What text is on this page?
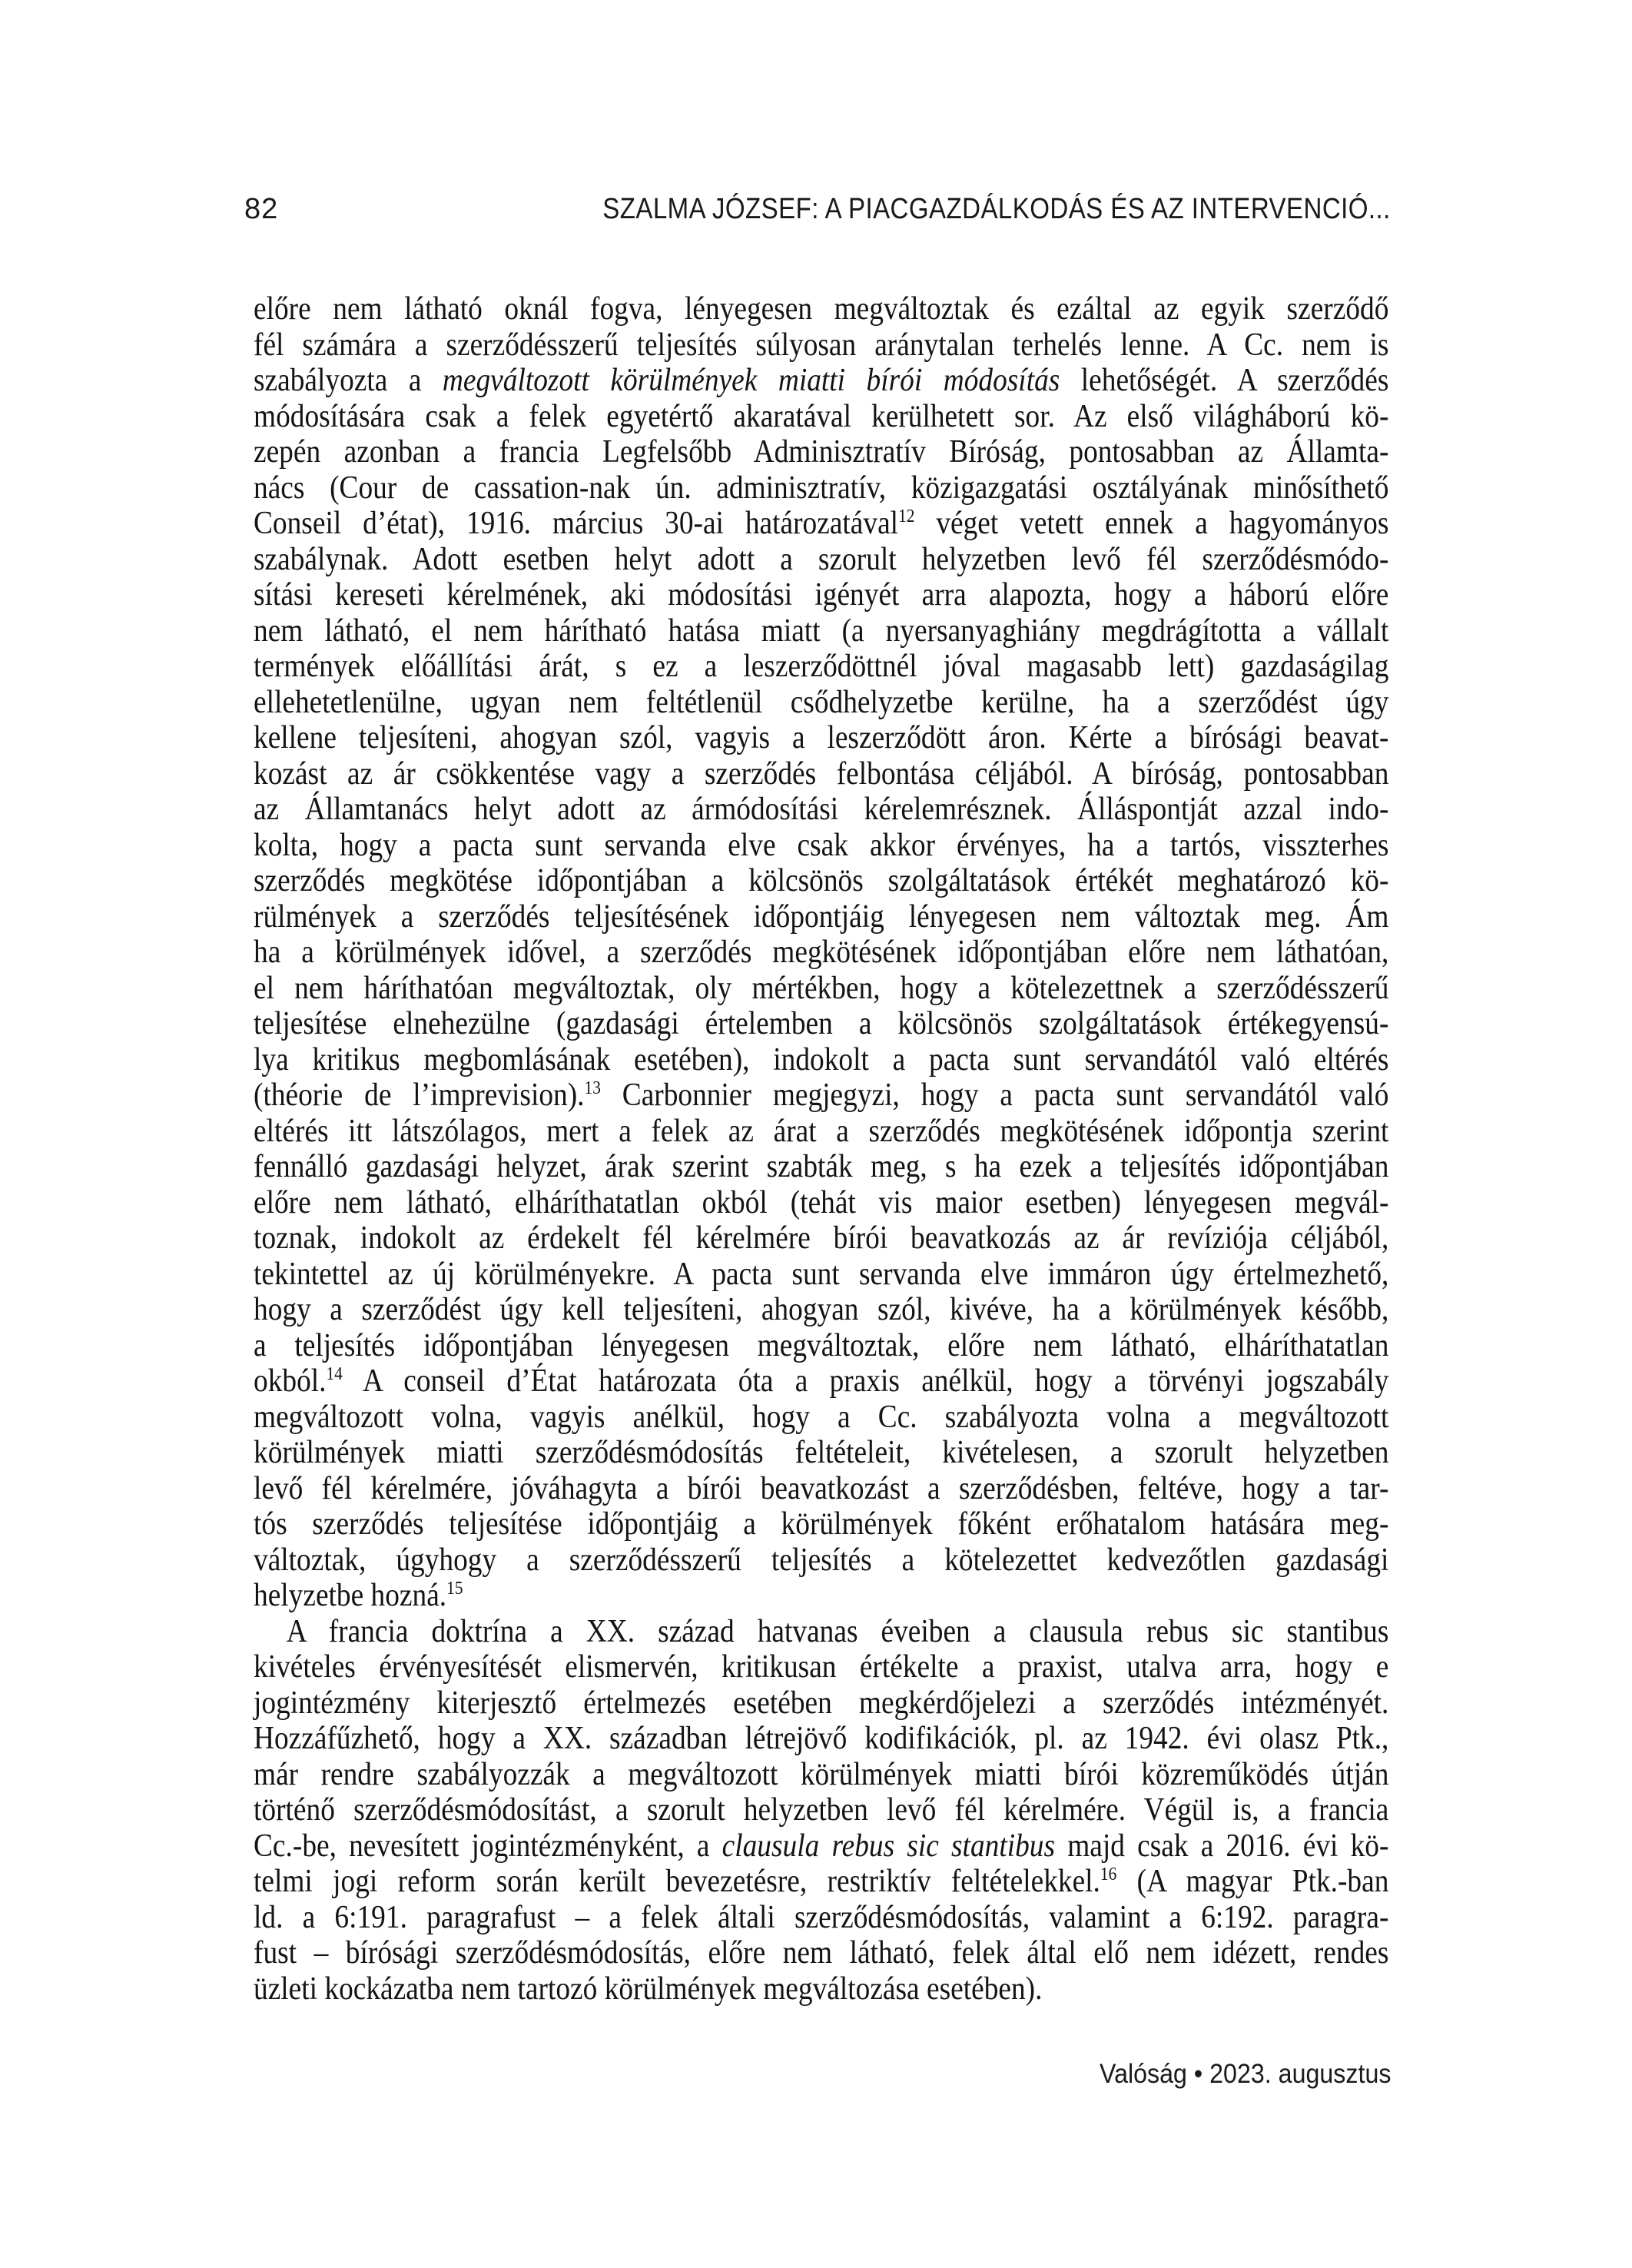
82	SZALMA JÓZSEF: A PIACGAZDÁLKODÁS ÉS AZ INTERVENCIÓ...
előre nem látható oknál fogva, lényegesen megváltoztak és ezáltal az egyik szerződő
fél számára a szerződésszerű teljesítés súlyosan aránytalan terhelés lenne. A Cc. nem is
szabályozta a megváltozott körülmények miatti bírói módosítás lehetőségét. A szerződés
módosítására csak a felek egyetértő akaratával kerülhetett sor. Az első világháború kö-
zepén azonban a francia Legfelsőbb Adminisztratív Bíróság, pontosabban az Államta-
nács (Cour de cassation-nak ún. adminisztratív, közigazgatási osztályának minősíthető
Conseil d’état), 1916. március 30-ai határozatával$^{12}$ véget vetett ennek a hagyományos
szabálynak. Adott esetben helyt adott a szorult helyzetben levő fél szerződésmódo-
sítási kereseti kérelmének, aki módosítási igényét arra alapozta, hogy a háború előre
nem látható, el nem hárítható hatása miatt (a nyersanyaghiány megdrágította a vállalt
termények előállítási árát, s ez a leszerződöttnél jóval magasabb lett) gazdaságilag
ellehetetlenülne, ugyan nem feltétlenül csődhelyzetbe kerülne, ha a szerződést úgy
kellene teljesíteni, ahogyan szól, vagyis a leszerződött áron. Kérte a bírósági beavat-
kozást az ár csökkentése vagy a szerződés felbontása céljából. A bíróság, pontosabban
az Államtanács helyt adott az ármódosítási kérelemrésznek. Álláspontját azzal indo-
kolta, hogy a pacta sunt servanda elve csak akkor érvényes, ha a tartós, visszterhes
szerződés megkötése időpontjában a kölcsönös szolgáltatások értékét meghatározó kö-
rülmények a szerződés teljesítésének időpontjáig lényegesen nem változtak meg. Ám
ha a körülmények idővel, a szerződés megkötésének időpontjában előre nem láthatóan,
el nem háríthatóan megváltoztak, oly mértékben, hogy a kötelezettnek a szerződésszerű
teljesítése elnehezülne (gazdasági értelemben a kölcsönös szolgáltatások értékegyensú-
lya kritikus megbomlásának esetében), indokolt a pacta sunt servandától való eltérés
(théorie de l’imprevision).$^{13}$ Carbonnier megjegyzi, hogy a pacta sunt servandától való
eltérés itt látszólagos, mert a felek az árat a szerződés megkötésének időpontja szerint
fennálló gazdasági helyzet, árak szerint szabták meg, s ha ezek a teljesítés időpontjában
előre nem látható, elháríthatatlan okból (tehát vis maior esetben) lényegesen megvál-
toznak, indokolt az érdekelt fél kérelmére bírói beavatkozás az ár revíziója céljából,
tekintettel az új körülményekre. A pacta sunt servanda elve immáron úgy értelmezhető,
hogy a szerződést úgy kell teljesíteni, ahogyan szól, kivéve, ha a körülmények később,
a teljesítés időpontjában lényegesen megváltoztak, előre nem látható, elháríthatatlan
okból.$^{14}$ A conseil d’État határozata óta a praxis anélkül, hogy a törvényi jogszabály
megváltozott volna, vagyis anélkül, hogy a Cc. szabályozta volna a megváltozott
körülmények miatti szerződésmódosítás feltételeit, kivételesen, a szorult helyzetben
levő fél kérelmére, jóváhagyta a bírói beavatkozást a szerződésben, feltéve, hogy a tar-
tós szerződés teljesítése időpontjáig a körülmények főként erőhatalom hatására meg-
változtak, úgyhogy a szerződésszerű teljesítés a kötelezettet kedvezőtlen gazdasági
helyzetbe hozná.$^{15}$
A francia doktrína a XX. század hatvanas éveiben a clausula rebus sic stantibus
kivételes érvényesítését elismervén, kritikusan értékelte a praxist, utalva arra, hogy e
jogintézmény kiterjesztő értelmezés esetében megkérdőjelezi a szerződés intézményét.
Hozzáfűzhető, hogy a XX. században létrejövő kodifikációk, pl. az 1942. évi olasz Ptk.,
már rendre szabályozzák a megváltozott körülmények miatti bírói közreműködés útján
történő szerződésmódosítást, a szorult helyzetben levő fél kérelmére. Végül is, a francia
Cc.-be, nevesített jogintézményként, a clausula rebus sic stantibus majd csak a 2016. évi kö-
telmi jogi reform során került bevezetésre, restriktív feltételekkel.$^{16}$ (A magyar Ptk.-ban
ld. a 6:191. paragrafust – a felek általi szerződésmódosítás, valamint a 6:192. paragra-
fust – bírósági szerződésmódosítás, előre nem látható, felek által elő nem idézett, rendes
üzleti kockázatba nem tartozó körülmények megváltozása esetében).
Valóság • 2023. augusztus
